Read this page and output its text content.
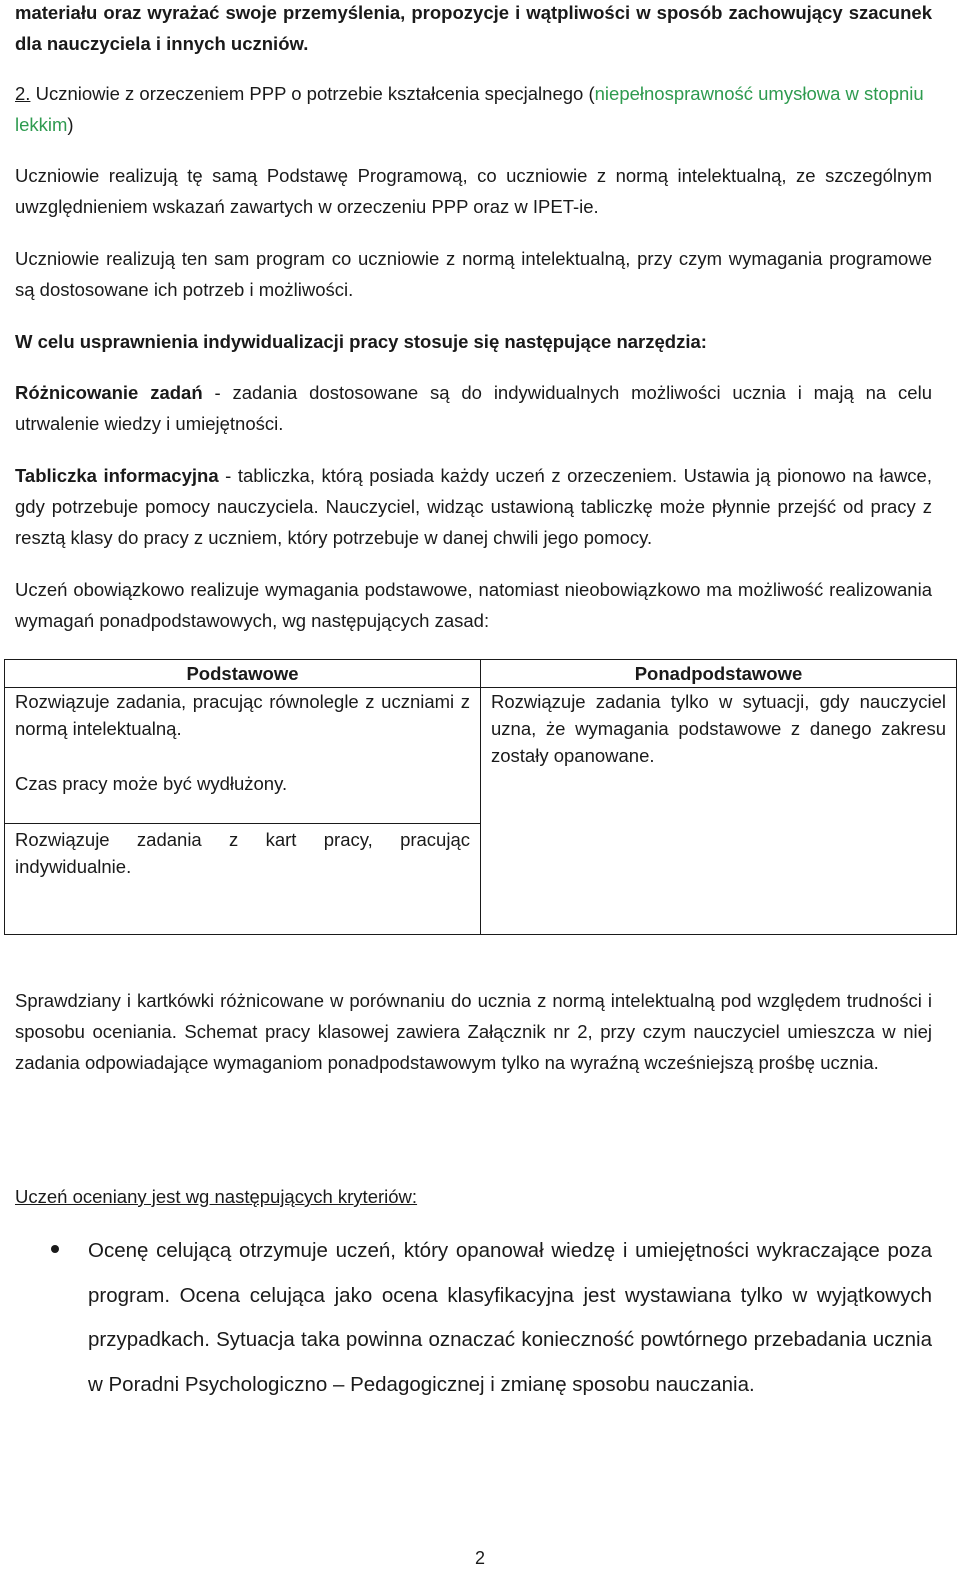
materiału oraz wyrażać swoje przemyślenia, propozycje i wątpliwości w sposób zachowujący szacunek dla nauczyciela i innych uczniów.

2. Uczniowie z orzeczeniem PPP o potrzebie kształcenia specjalnego (niepełnosprawność umysłowa w stopniu lekkim)

Uczniowie realizują tę samą Podstawę Programową, co uczniowie z normą intelektualną, ze szczególnym uwzględnieniem wskazań zawartych w orzeczeniu PPP oraz w IPET-ie.

Uczniowie realizują ten sam program co uczniowie z normą intelektualną, przy czym wymagania programowe są dostosowane ich potrzeb i możliwości.

W celu usprawnienia indywidualizacji pracy stosuje się następujące narzędzia:

Różnicowanie zadań - zadania dostosowane są do indywidualnych możliwości ucznia i mają na celu utrwalenie wiedzy i umiejętności.

Tabliczka informacyjna - tabliczka, którą posiada każdy uczeń z orzeczeniem. Ustawia ją pionowo na ławce, gdy potrzebuje pomocy nauczyciela. Nauczyciel, widząc ustawioną tabliczkę może płynnie przejść od pracy z resztą klasy do pracy z uczniem, który potrzebuje w danej chwili jego pomocy.

Uczeń obowiązkowo realizuje wymagania podstawowe, natomiast nieobowiązkowo ma możliwość realizowania wymagań ponadpodstawowych, wg następujących zasad:

Podstawowe	Ponadpodstawowe

Rozwiązuje zadania, pracując równolegle z uczniami z normą intelektualną.

Czas pracy może być wydłużony.	Rozwiązuje zadania tylko w sytuacji, gdy nauczyciel uzna, że wymagania podstawowe z danego zakresu zostały opanowane.

Rozwiązuje zadania z kart pracy, pracując indywidualnie.	

Sprawdziany i kartkówki różnicowane w porównaniu do ucznia z normą intelektualną pod względem trudności i sposobu oceniania. Schemat pracy klasowej zawiera Załącznik nr 2, przy czym nauczyciel umieszcza w niej zadania odpowiadające wymaganiom ponadpodstawowym tylko na wyraźną wcześniejszą prośbę ucznia.

Uczeń oceniany jest wg następujących kryteriów:

Ocenę celującą otrzymuje uczeń, który opanował wiedzę i umiejętności wykraczające poza program. Ocena celująca jako ocena klasyfikacyjna jest wystawiana tylko w wyjątkowych przypadkach. Sytuacja taka powinna oznaczać konieczność powtórnego przebadania ucznia w Poradni Psychologiczno – Pedagogicznej i zmianę sposobu nauczania.
2
